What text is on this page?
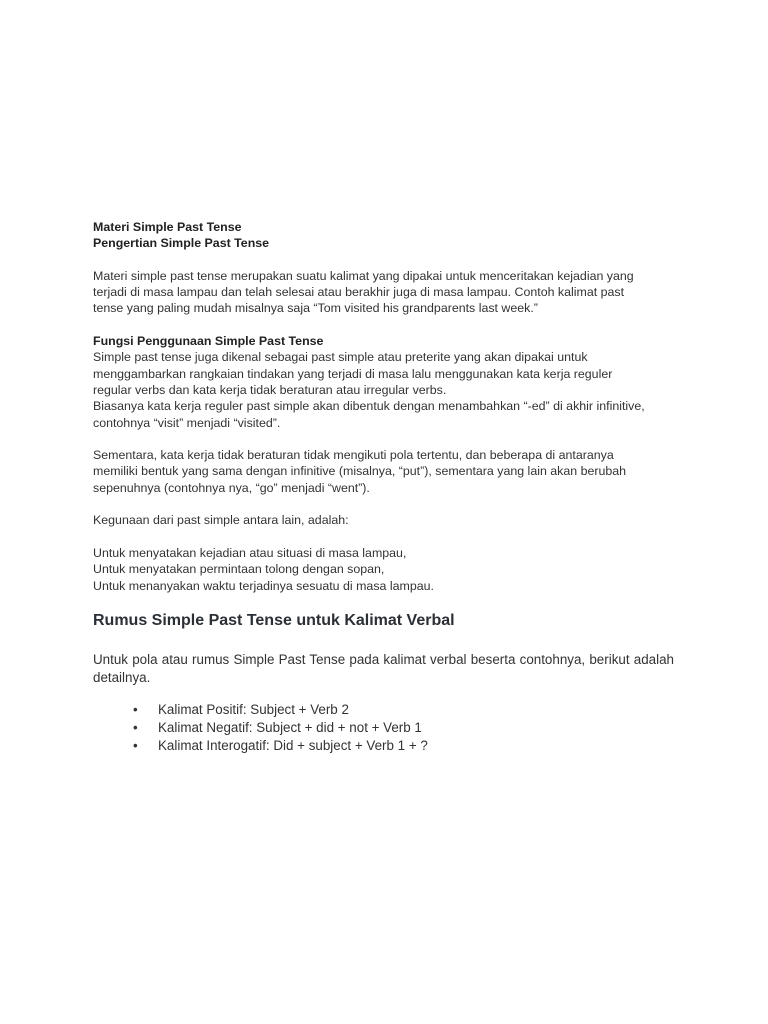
Materi Simple Past Tense

Pengertian Simple Past Tense

Materi simple past tense merupakan suatu kalimat yang dipakai untuk menceritakan kejadian yang

terjadi di masa lampau dan telah selesai atau berakhir juga di masa lampau. Contoh kalimat past

tense yang paling mudah misalnya saja “Tom visited his grandparents last week.”

Fungsi Penggunaan Simple Past Tense

Simple past tense juga dikenal sebagai past simple atau preterite yang akan dipakai untuk

menggambarkan rangkaian tindakan yang terjadi di masa lalu menggunakan kata kerja reguler

regular verbs dan kata kerja tidak beraturan atau irregular verbs.

Biasanya kata kerja reguler past simple akan dibentuk dengan menambahkan “-ed” di akhir infinitive,

contohnya “visit” menjadi “visited”.

Sementara, kata kerja tidak beraturan tidak mengikuti pola tertentu, dan beberapa di antaranya

memiliki bentuk yang sama dengan infinitive (misalnya, “put”), sementara yang lain akan berubah

sepenuhnya (contohnya nya, “go” menjadi “went”).

Kegunaan dari past simple antara lain, adalah:

Untuk menyatakan kejadian atau situasi di masa lampau,

Untuk menyatakan permintaan tolong dengan sopan,

Untuk menanyakan waktu terjadinya sesuatu di masa lampau.

Rumus Simple Past Tense untuk Kalimat Verbal

Untuk pola atau rumus Simple Past Tense pada kalimat verbal beserta contohnya, berikut adalah detailnya.

• Kalimat Positif: Subject + Verb 2
• Kalimat Negatif: Subject + did + not + Verb 1
• Kalimat Interogatif: Did + subject + Verb 1 + ?
